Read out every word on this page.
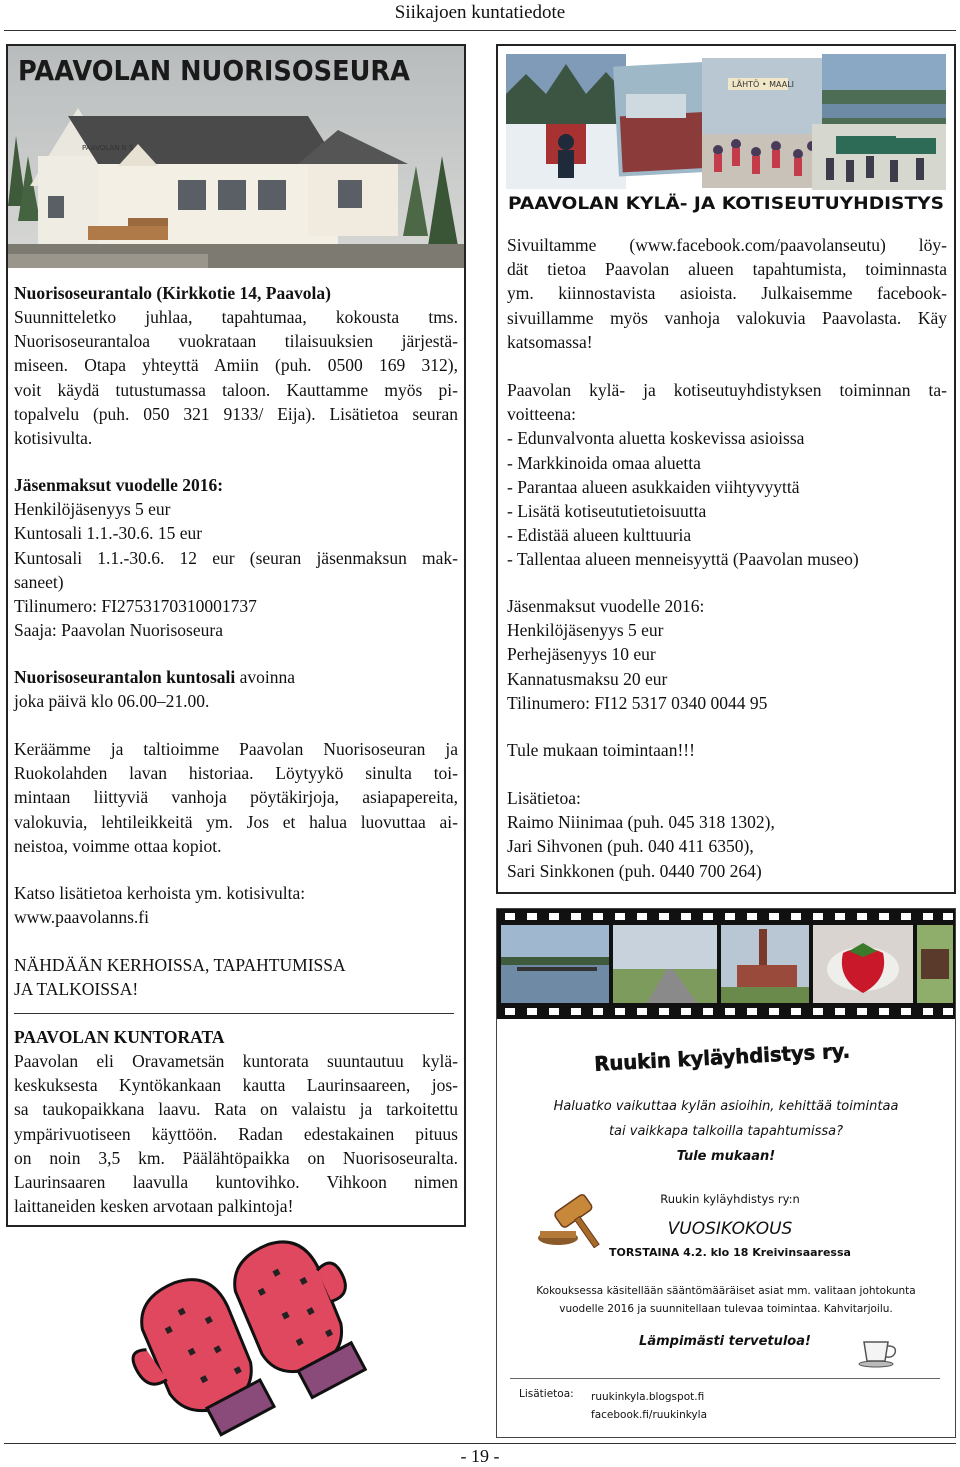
Siikajoen kuntatiedote
PAAVOLAN N S
PAAVOLAN NUORISOSEURA
Nuorisoseurantalo (Kirkkotie 14, Paavola)
Suunnitteletko juhlaa, tapahtumaa, kokousta tms.
Nuorisoseurantaloa vuokrataan tilaisuuksien järjestä-
miseen. Otapa yhteyttä Amiin (puh. 0500 169 312),
voit käydä tutustumassa taloon. Kauttamme myös pi-
topalvelu (puh. 050 321 9133/ Eija). Lisätietoa seuran
kotisivulta.
Jäsenmaksut vuodelle 2016:
Henkilöjäsenyys 5 eur
Kuntosali 1.1.-30.6. 15 eur
Kuntosali 1.1.-30.6. 12 eur (seuran jäsenmaksun mak-
saneet)
Tilinumero: FI2753170310001737
Saaja: Paavolan Nuorisoseura
Nuorisoseurantalon kuntosali avoinna
joka päivä klo 06.00–21.00.
Keräämme ja taltioimme Paavolan Nuorisoseuran ja
Ruokolahden lavan historiaa. Löytyykö sinulta toi-
mintaan liittyviä vanhoja pöytäkirjoja, asiapapereita,
valokuvia, lehtileikkeitä ym. Jos et halua luovuttaa ai-
neistoa, voimme ottaa kopiot.
Katso lisätietoa kerhoista ym. kotisivulta:
www.paavolanns.fi
NÄHDÄÄN KERHOISSA, TAPAHTUMISSA
JA TALKOISSA!
PAAVOLAN KUNTORATA
Paavolan eli Oravametsän kuntorata suuntautuu kylä-
keskuksesta Kyntökankaan kautta Laurinsaareen, jos-
sa taukopaikkana laavu. Rata on valaistu ja tarkoitettu
ympärivuotiseen käyttöön. Radan edestakainen pituus
on noin 3,5 km. Päälähtöpaikka on Nuorisoseuralta.
Laurinsaaren laavulla kuntovihko. Vihkoon nimen
laittaneiden kesken arvotaan palkintoja!
LÄHTÖ • MAALI
PAAVOLAN KYLÄ- JA KOTISEUTUYHDISTYS
Sivuiltamme (www.facebook.com/paavolanseutu) löy-
dät tietoa Paavolan alueen tapahtumista, toiminnasta
ym. kiinnostavista asioista. Julkaisemme facebook-
sivuillamme myös vanhoja valokuvia Paavolasta. Käy
katsomassa!
Paavolan kylä- ja kotiseutuyhdistyksen toiminnan ta-
voitteena:
- Edunvalvonta aluetta koskevissa asioissa
- Markkinoida omaa aluetta
- Parantaa alueen asukkaiden viihtyvyyttä
- Lisätä kotiseututietoisuutta
- Edistää alueen kulttuuria
- Tallentaa alueen menneisyyttä (Paavolan museo)
Jäsenmaksut vuodelle 2016:
Henkilöjäsenyys 5 eur
Perhejäsenyys 10 eur
Kannatusmaksu 20 eur
Tilinumero: FI12 5317 0340 0044 95
Tule mukaan toimintaan!!!
Lisätietoa:
Raimo Niinimaa (puh. 045 318 1302),
Jari Sihvonen (puh. 040 411 6350),
Sari Sinkkonen (puh. 0440 700 264)
Ruukin kyläyhdistys ry.
Haluatko vaikuttaa kylän asioihin, kehittää toimintaa
tai vaikkapa talkoilla tapahtumissa?
Tule mukaan!
Ruukin kyläyhdistys ry:n
VUOSIKOKOUS
TORSTAINA 4.2. klo 18 Kreivinsaaressa
Kokouksessa käsitellään sääntömääräiset asiat mm. valitaan johtokunta
vuodelle 2016 ja suunnitellaan tulevaa toimintaa. Kahvitarjoilu.
Lämpimästi tervetuloa!
Lisätietoa: ruukinkyla.blogspot.fi
facebook.fi/ruukinkyla
- 19 -
